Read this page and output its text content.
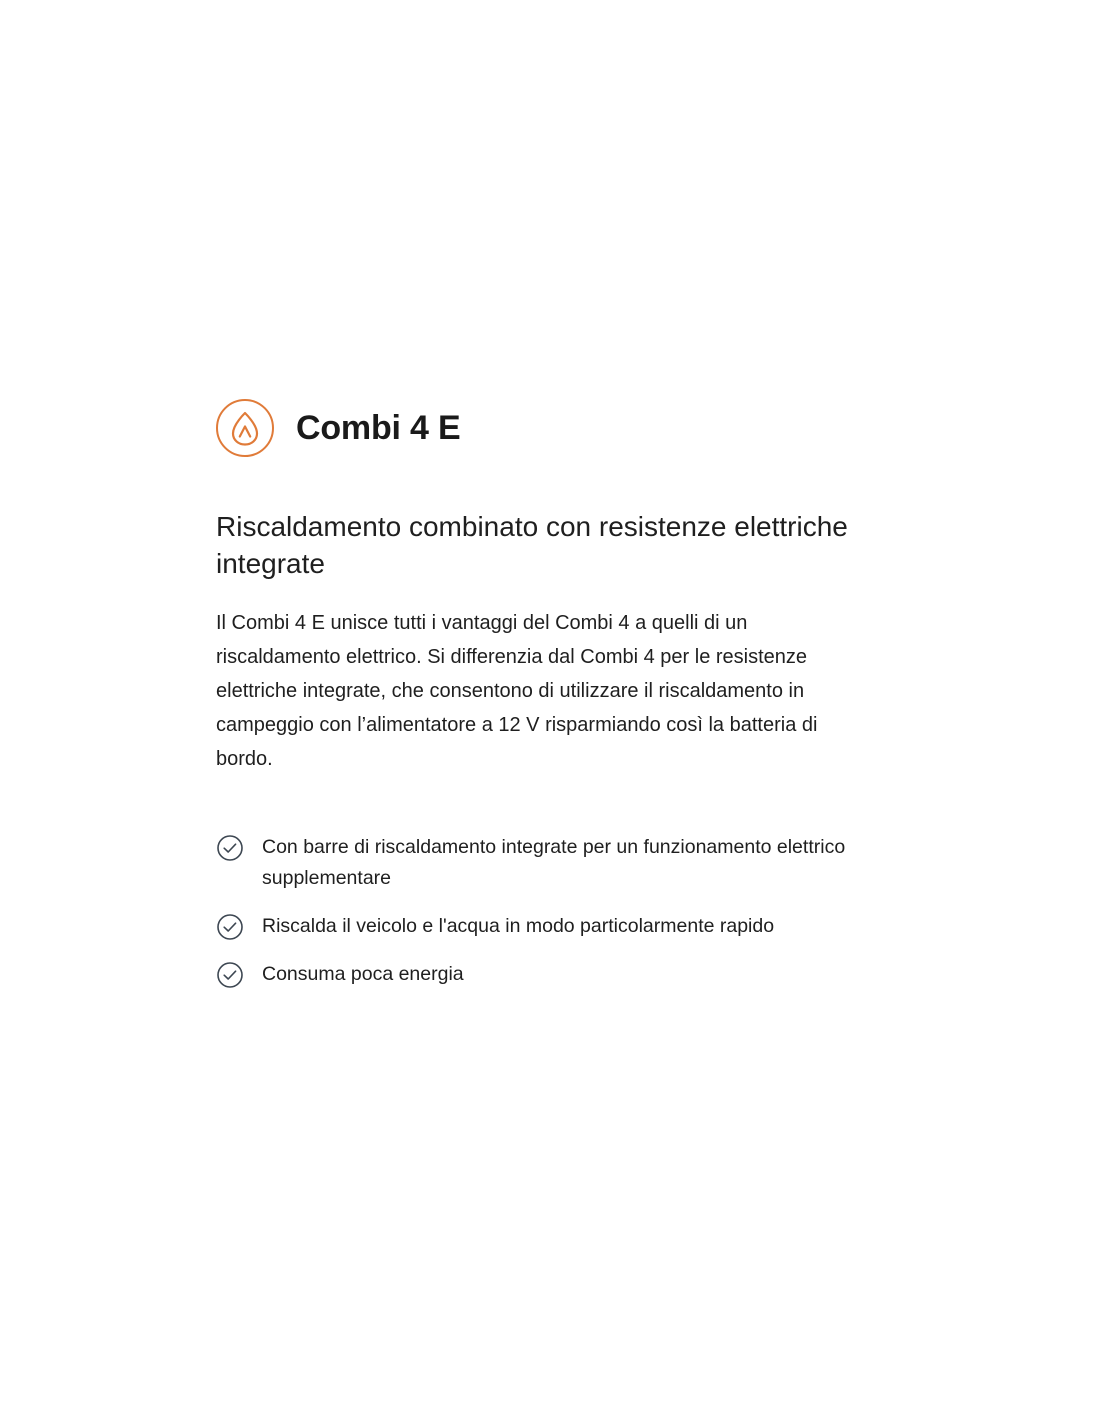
Combi 4 E
Riscaldamento combinato con resistenze elettriche integrate

Il Combi 4 E unisce tutti i vantaggi del Combi 4 a quelli di un riscaldamento elettrico. Si differenzia dal Combi 4 per le resistenze elettriche integrate, che consentono di utilizzare il riscaldamento in campeggio con l’alimentatore a 12 V risparmiando così la batteria di bordo.

Con barre di riscaldamento integrate per un funzionamento elettrico supplementare
Riscalda il veicolo e l'acqua in modo particolarmente rapido
Consuma poca energia
